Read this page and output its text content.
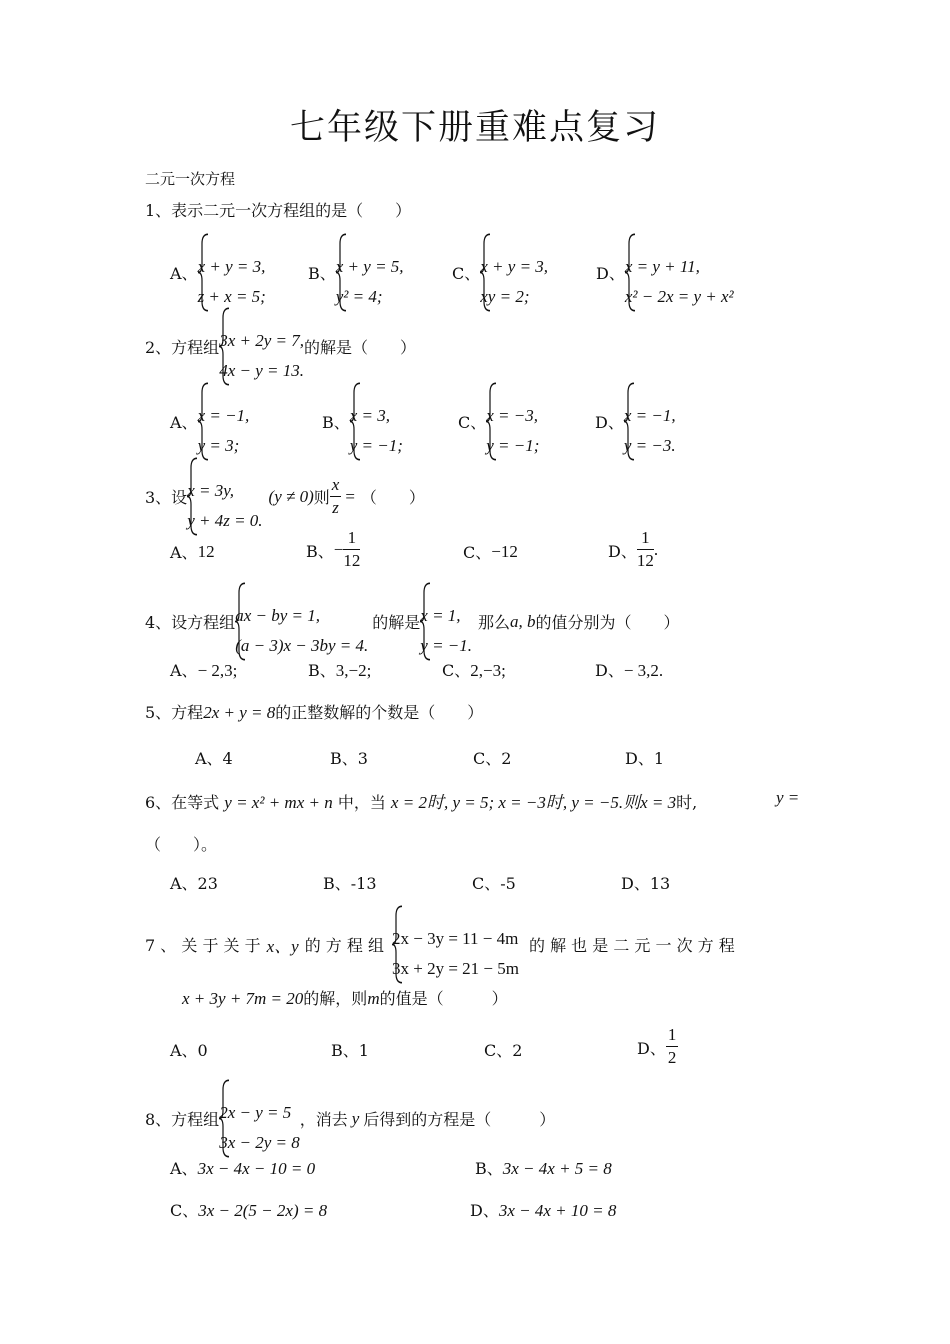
七年级下册重难点复习
二元一次方程
1、表示二元一次方程组的是（　　）
A、 x + y = 3,
z + x = 5;
B、 x + y = 5,
y² = 4;
C、 x + y = 3,
xy = 2;
D、 x = y + 11,
x² − 2x = y + x²
2、方程组 3x + 2y = 7,
4x − y = 13.
的解是（　　）
A、 x = −1,
y = 3;
B、 x = 3,
y = −1;
C、 x = −3,
y = −1;
D、 x = −1,
y = −3.
3、设 x = 3y,
y + 4z = 0.
(y ≠ 0) 则 $\frac{x}{z}$ = （　　）
A、 12	B、 − $\frac{1}{12}$	C、 −12	D、 $\frac{1}{12}$ .
4、设方程组 ax − by = 1,
(a − 3)x − 3by = 4.
的解是 x = 1,
y = −1.
那么 a, b 的值分别为（　　）
A、− 2,3;	B、3,−2;	C、2,−3;	D、− 3,2.
5、方程2x + y = 8的正整数解的个数是（　　）
A、4	B、3	C、2	D、1
6、在等式 y = x² + mx + n 中，当 x = 2时, y = 5; x = −3时, y = −5.则x = 3时,	y =
（　　）。
A、23	B、-13	C、-5	D、13
7 、 关 于 关 于 x、y 的 方 程 组 2x − 3y = 11 − 4m
3x + 2y = 21 − 5m
的 解 也 是 二 元 一 次 方 程
x + 3y + 7m = 20的解，则m的值是（　　　）
A、0	B、1	C、2	D、 $\frac{1}{2}$
8、方程组 2x − y = 5
3x − 2y = 8
，消去 y 后得到的方程是（　　　）
A、3x − 4x − 10 = 0	B、3x − 4x + 5 = 8
C、3x − 2(5 − 2x) = 8	D、3x − 4x + 10 = 8
